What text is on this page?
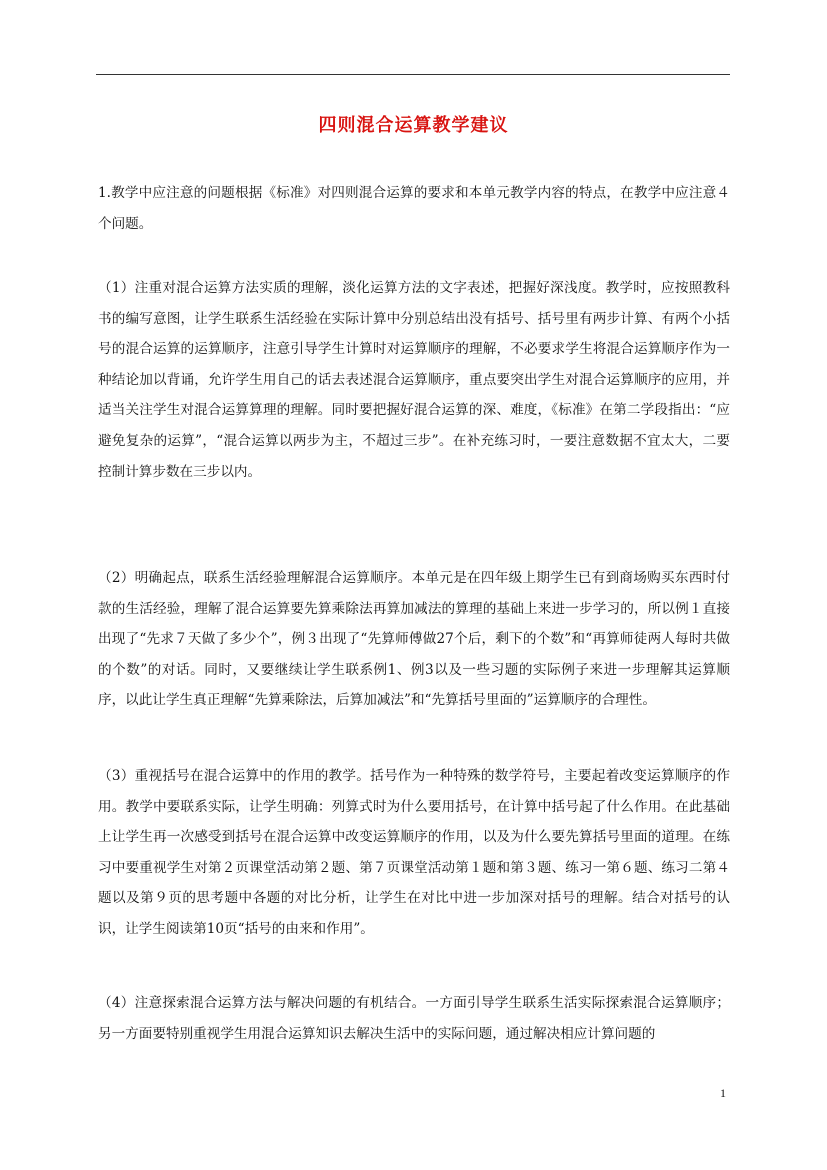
四则混合运算教学建议

1.教学中应注意的问题根据《标准》对四则混合运算的要求和本单元教学内容的特点，在教学中应注意４个问题。

（1）注重对混合运算方法实质的理解，淡化运算方法的文字表述，把握好深浅度。教学时，应按照教科书的编写意图，让学生联系生活经验在实际计算中分别总结出没有括号、括号里有两步计算、有两个小括号的混合运算的运算顺序，注意引导学生计算时对运算顺序的理解，不必要求学生将混合运算顺序作为一种结论加以背诵，允许学生用自己的话去表述混合运算顺序，重点要突出学生对混合运算顺序的应用，并适当关注学生对混合运算算理的理解。同时要把握好混合运算的深、难度，《标准》在第二学段指出：“应避免复杂的运算”，“混合运算以两步为主，不超过三步”。在补充练习时，一要注意数据不宜太大，二要控制计算步数在三步以内。

（2）明确起点，联系生活经验理解混合运算顺序。本单元是在四年级上期学生已有到商场购买东西时付款的生活经验，理解了混合运算要先算乘除法再算加减法的算理的基础上来进一步学习的，所以例１直接出现了“先求７天做了多少个”，例３出现了“先算师傅做27个后，剩下的个数”和“再算师徒两人每时共做的个数”的对话。同时，又要继续让学生联系例1、例3以及一些习题的实际例子来进一步理解其运算顺序，以此让学生真正理解“先算乘除法，后算加减法”和“先算括号里面的”运算顺序的合理性。

（3）重视括号在混合运算中的作用的教学。括号作为一种特殊的数学符号，主要起着改变运算顺序的作用。教学中要联系实际，让学生明确：列算式时为什么要用括号，在计算中括号起了什么作用。在此基础上让学生再一次感受到括号在混合运算中改变运算顺序的作用，以及为什么要先算括号里面的道理。在练习中要重视学生对第２页课堂活动第２题、第７页课堂活动第１题和第３题、练习一第６题、练习二第４题以及第９页的思考题中各题的对比分析，让学生在对比中进一步加深对括号的理解。结合对括号的认识，让学生阅读第10页“括号的由来和作用”。

（4）注意探索混合运算方法与解决问题的有机结合。一方面引导学生联系生活实际探索混合运算顺序；另一方面要特别重视学生用混合运算知识去解决生活中的实际问题，通过解决相应计算问题的

1
